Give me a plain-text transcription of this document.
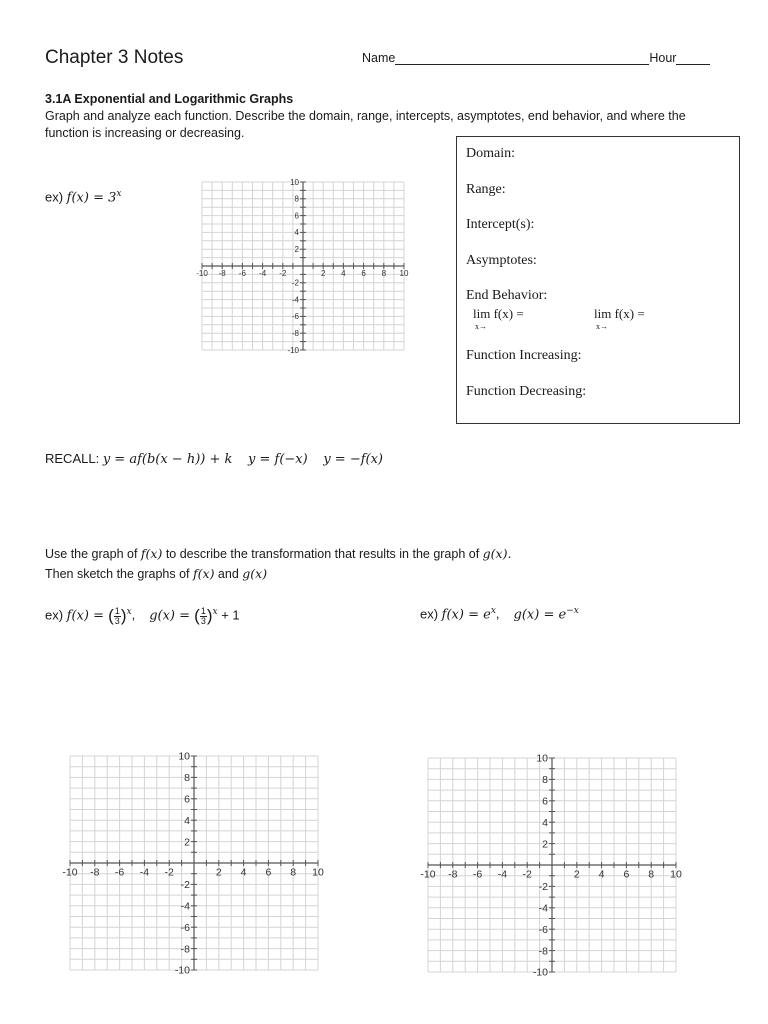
Chapter 3 Notes	Name	Hour
3.1A Exponential and Logarithmic Graphs
Graph and analyze each function. Describe the domain, range, intercepts, asymptotes, end behavior, and where the function is increasing or decreasing.
ex) $f(x) = 3^x$
-10 -8 -6 -4 -2	2 4 6 8 10
10
8
6
4
2
-2
-4
-6
-8
-10
Domain:
Range:
Intercept(s):
Asymptotes:
End Behavior:
lim f(x) =
x→
lim f(x) =
x→
Function Increasing:
Function Decreasing:
RECALL: y = af(b(x − h)) + k y = f(−x) y = −f(x)
Use the graph of f(x) to describe the transformation that results in the graph of g(x).
Then sketch the graphs of f(x) and g(x)
ex) f(x) = ( $\frac{1}{3} )^x$, g(x) = ( $\frac{1}{3} )^x + 1$	ex) $f(x) = e^x$, $g(x) = e^{-x}$
-10 -8 -6 -4 -2	2 4 6 8 10
10
8
6
4
2
-2
-4
-6
-8
-10
-10 -8 -6 -4 -2	2 4 6 8 10
10
8
6
4
2
-2
-4
-6
-8
-10
